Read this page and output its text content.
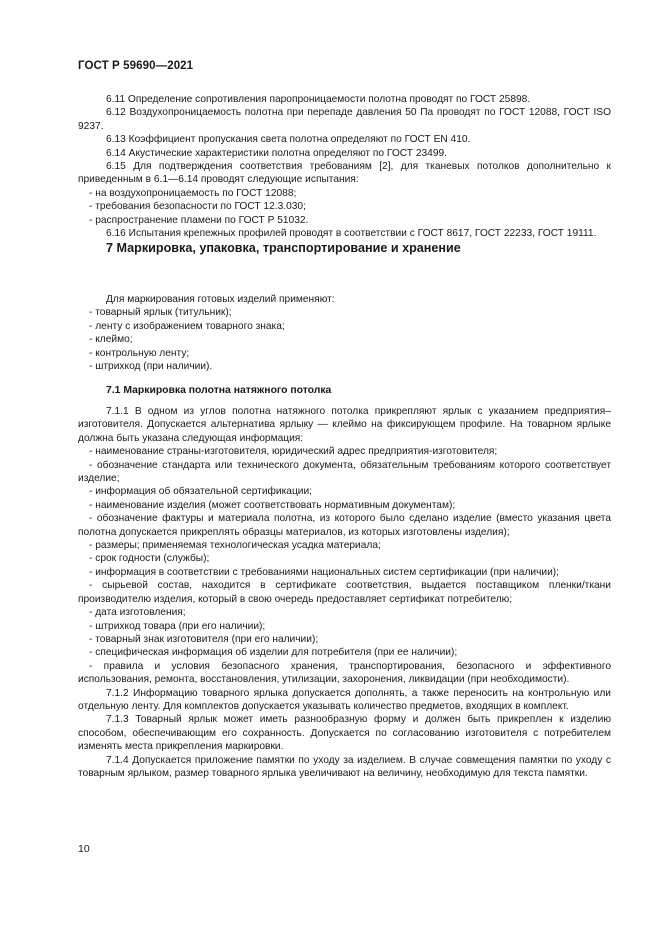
ГОСТ Р 59690—2021

6.11 Определение сопротивления паропроницаемости полотна проводят по ГОСТ 25898.

6.12 Воздухопроницаемость полотна при перепаде давления 50 Па проводят по ГОСТ 12088, ГОСТ ISO 9237.

6.13 Коэффициент пропускания света полотна определяют по ГОСТ EN 410.

6.14 Акустические характеристики полотна определяют по ГОСТ 23499.

6.15 Для подтверждения соответствия требованиям [2], для тканевых потолков дополнительно к приведенным в 6.1—6.14 проводят следующие испытания:

- на воздухопроницаемость по ГОСТ 12088;

- требования безопасности по ГОСТ 12.3.030;

- распространение пламени по ГОСТ Р 51032.

6.16 Испытания крепежных профилей проводят в соответствии с ГОСТ 8617, ГОСТ 22233, ГОСТ 19111.

7 Маркировка, упаковка, транспортирование и хранение

Для маркирования готовых изделий применяют:

- товарный ярлык (титульник);

- ленту с изображением товарного знака;

- клеймо;

- контрольную ленту;

- штрихкод (при наличии).

7.1 Маркировка полотна натяжного потолка

7.1.1 В одном из углов полотна натяжного потолка прикрепляют ярлык с указанием предприятия–изготовителя. Допускается альтернатива ярлыку — клеймо на фиксирующем профиле. На товарном ярлыке должна быть указана следующая информация:

- наименование страны-изготовителя, юридический адрес предприятия-изготовителя;

- обозначение стандарта или технического документа, обязательным требованиям которого соответствует изделие;

- информация об обязательной сертификации;

- наименование изделия (может соответствовать нормативным документам);

- обозначение фактуры и материала полотна, из которого было сделано изделие (вместо указания цвета полотна допускается прикреплять образцы материалов, из которых изготовлены изделия);

- размеры; применяемая технологическая усадка материала;

- срок годности (службы);

- информация в соответствии с требованиями национальных систем сертификации (при наличии);

- сырьевой состав, находится в сертификате соответствия, выдается поставщиком пленки/ткани производителю изделия, который в свою очередь предоставляет сертификат потребителю;

- дата изготовления;

- штрихкод товара (при его наличии);

- товарный знак изготовителя (при его наличии);

- специфическая информация об изделии для потребителя (при ее наличии);

- правила и условия безопасного хранения, транспортирования, безопасного и эффективного использования, ремонта, восстановления, утилизации, захоронения, ликвидации (при необходимости).

7.1.2 Информацию товарного ярлыка допускается дополнять, а также переносить на контрольную или отдельную ленту. Для комплектов допускается указывать количество предметов, входящих в комплект.

7.1.3 Товарный ярлык может иметь разнообразную форму и должен быть прикреплен к изделию способом, обеспечивающим его сохранность. Допускается по согласованию изготовителя с потребителем изменять места прикрепления маркировки.

7.1.4 Допускается приложение памятки по уходу за изделием. В случае совмещения памятки по уходу с товарным ярлыком, размер товарного ярлыка увеличивают на величину, необходимую для текста памятки.

10
